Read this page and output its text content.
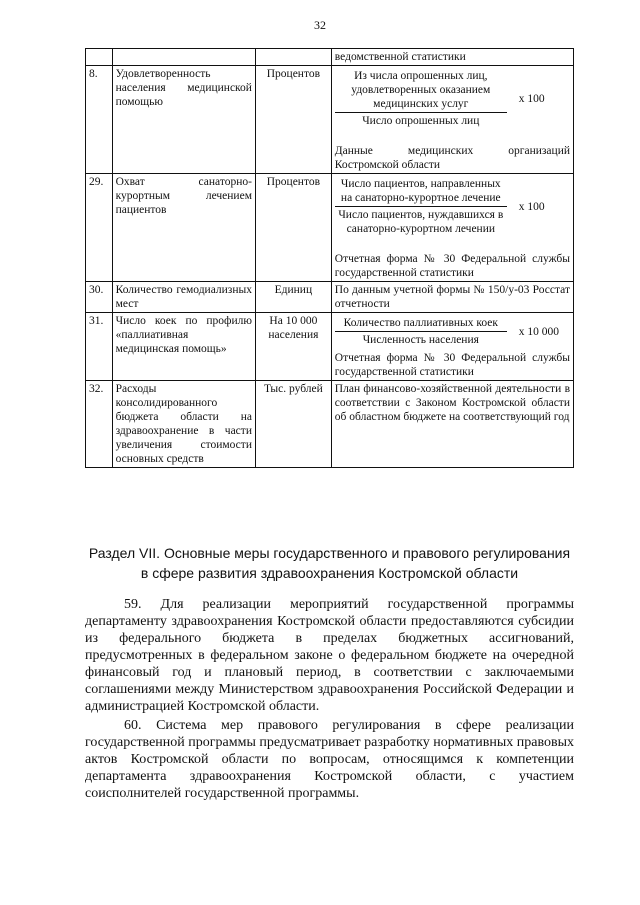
32
			ведомственной статистики
8.	Удовлетворенность населения медицинской помощью	Процентов	Из числа опрошенных лиц, удовлетворенных оказанием медицинских услуг
Число опрошенных лиц
х 100
Данные медицинских организаций Костромской области

29.	Охват санаторно-курортным лечением пациентов	Процентов	$\frac{\text{Число пациентов, направленных на санаторно-курортное лечение}}{\text{Число пациентов, нуждавшихся в санаторно-курортном лечении}}$ х 100
Отчетная форма № 30 Федеральной службы государственной статистики

30.	Количество гемодиализных мест	Единиц	По данным учетной формы № 150/у-03 Росстат отчетности
31.	Число коек по профилю «паллиативная медицинская помощь»	На 10 000 населения	$\frac{\text{Количество паллиативных коек}}{\text{Численность населения}}$ х 10 000
Отчетная форма № 30 Федеральной службы государственной статистики

32.	Расходы консолидированного бюджета области на здравоохранение в части увеличения стоимости основных средств	Тыс. рублей	План финансово-хозяйственной деятельности в соответствии с Законом Костромской области об областном бюджете на соответствующий год
Раздел VII. Основные меры государственного и правового регулирования в сфере развития здравоохранения Костромской области

59. Для реализации мероприятий государственной программы департаменту здравоохранения Костромской области предоставляются субсидии из федерального бюджета в пределах бюджетных ассигнований, предусмотренных в федеральном законе о федеральном бюджете на очередной финансовый год и плановый период, в соответствии с заключаемыми соглашениями между Министерством здравоохранения Российской Федерации и администрацией Костромской области.

60. Система мер правового регулирования в сфере реализации государственной программы предусматривает разработку нормативных правовых актов Костромской области по вопросам, относящимся к компетенции департамента здравоохранения Костромской области, с участием соисполнителей государственной программы.
